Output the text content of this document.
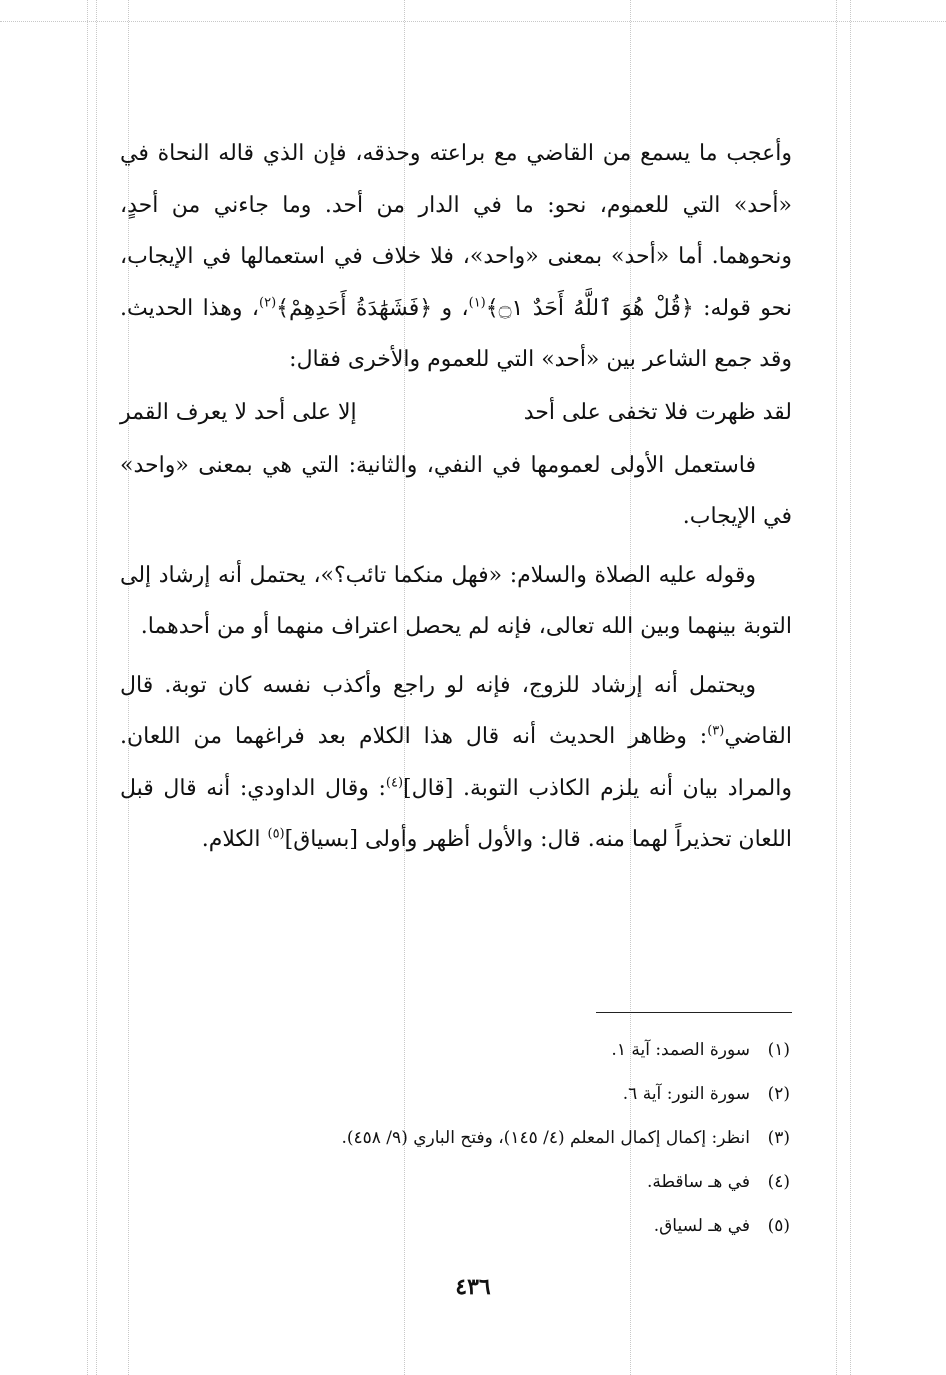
وأعجب ما يسمع من القاضي مع براعته وحذقه، فإن الذي قاله النحاة في «أحد» التي للعموم، نحو: ما في الدار من أحد. وما جاءني من أحدٍ، ونحوهما. أما «أحد» بمعنى «واحد»، فلا خلاف في استعمالها في الإيجاب، نحو قوله: ﴿قُلْ هُوَ ٱللَّهُ أَحَدٌ ۝١﴾$^{(١)}$، و ﴿فَشَهَٰدَةُ أَحَدِهِمْ﴾$^{(٢)}$، وهذا الحديث. وقد جمع الشاعر بين «أحد» التي للعموم والأخرى فقال:

لقد ظهرت فلا تخفى على أحد
إلا على أحد لا يعرف القمر

فاستعمل الأولى لعمومها في النفي، والثانية: التي هي بمعنى «واحد» في الإيجاب.

وقوله عليه الصلاة والسلام: «فهل منكما تائب؟»، يحتمل أنه إرشاد إلى التوبة بينهما وبين الله تعالى، فإنه لم يحصل اعتراف منهما أو من أحدهما.

ويحتمل أنه إرشاد للزوج، فإنه لو راجع وأكذب نفسه كان توبة. قال القاضي$^{(٣)}$: وظاهر الحديث أنه قال هذا الكلام بعد فراغهما من اللعان. والمراد بيان أنه يلزم الكاذب التوبة. [قال]$^{(٤)}$: وقال الداودي: أنه قال قبل اللعان تحذيراً لهما منه. قال: والأول أظهر وأولى [بسياق]$^{(٥)}$ الكلام.

(١)سورة الصمد: آية ١.
(٢)سورة النور: آية ٦.
(٣)انظر: إكمال إكمال المعلم (٤/ ١٤٥)، وفتح الباري (٩/ ٤٥٨).
(٤)في هـ ساقطة.
(٥)في هـ لسياق.
٤٣٦
